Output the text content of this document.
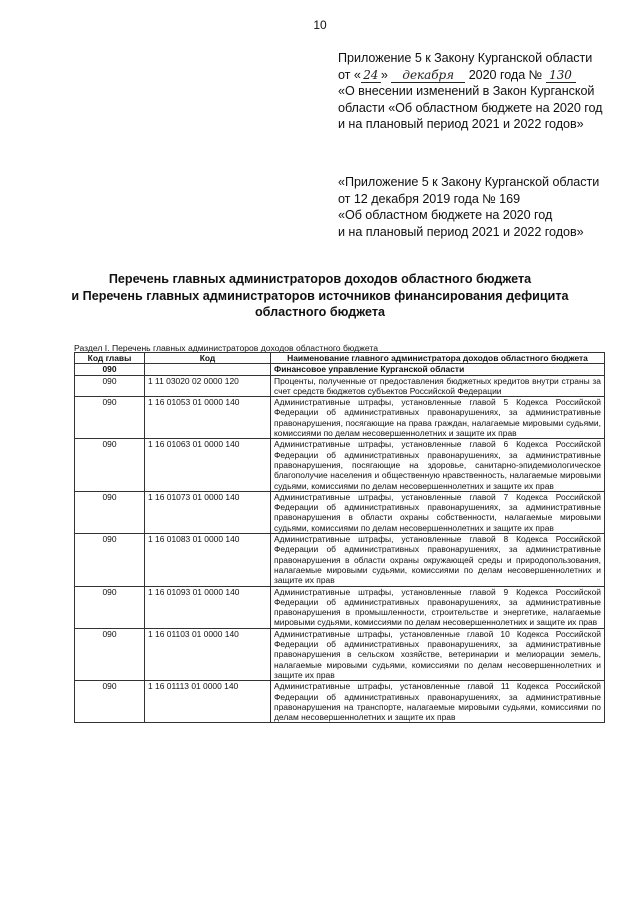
10
Приложение 5 к Закону Курганской области
от « 24 » декабря 2020 года № 130
«О внесении изменений в Закон Курганской
области «Об областном бюджете на 2020 год
и на плановый период 2021 и 2022 годов»
«Приложение 5 к Закону Курганской области
от 12 декабря 2019 года № 169
«Об областном бюджете на 2020 год
и на плановый период 2021 и 2022 годов»
Перечень главных администраторов доходов областного бюджета
и Перечень главных администраторов источников финансирования дефицита
областного бюджета
Раздел I. Перечень главных администраторов доходов областного бюджета
Код главы	Код	Наименование главного администратора доходов областного бюджета
090		Финансовое управление Курганской области
090	1 11 03020 02 0000 120	Проценты, полученные от предоставления бюджетных кредитов внутри страны за счет средств бюджетов субъектов Российской Федерации
090	1 16 01053 01 0000 140	Административные штрафы, установленные главой 5 Кодекса Российской Федерации об административных правонарушениях, за административные правонарушения, посягающие на права граждан, налагаемые мировыми судьями, комиссиями по делам несовершеннолетних и защите их прав
090	1 16 01063 01 0000 140	Административные штрафы, установленные главой 6 Кодекса Российской Федерации об административных правонарушениях, за административные правонарушения, посягающие на здоровье, санитарно-эпидемиологическое благополучие населения и общественную нравственность, налагаемые мировыми судьями, комиссиями по делам несовершеннолетних и защите их прав
090	1 16 01073 01 0000 140	Административные штрафы, установленные главой 7 Кодекса Российской Федерации об административных правонарушениях, за административные правонарушения в области охраны собственности, налагаемые мировыми судьями, комиссиями по делам несовершеннолетних и защите их прав
090	1 16 01083 01 0000 140	Административные штрафы, установленные главой 8 Кодекса Российской Федерации об административных правонарушениях, за административные правонарушения в области охраны окружающей среды и природопользования, налагаемые мировыми судьями, комиссиями по делам несовершеннолетних и защите их прав
090	1 16 01093 01 0000 140	Административные штрафы, установленные главой 9 Кодекса Российской Федерации об административных правонарушениях, за административные правонарушения в промышленности, строительстве и энергетике, налагаемые мировыми судьями, комиссиями по делам несовершеннолетних и защите их прав
090	1 16 01103 01 0000 140	Административные штрафы, установленные главой 10 Кодекса Российской Федерации об административных правонарушениях, за административные правонарушения в сельском хозяйстве, ветеринарии и мелиорации земель, налагаемые мировыми судьями, комиссиями по делам несовершеннолетних и защите их прав
090	1 16 01113 01 0000 140	Административные штрафы, установленные главой 11 Кодекса Российской Федерации об административных правонарушениях, за административные правонарушения на транспорте, налагаемые мировыми судьями, комиссиями по делам несовершеннолетних и защите их прав
